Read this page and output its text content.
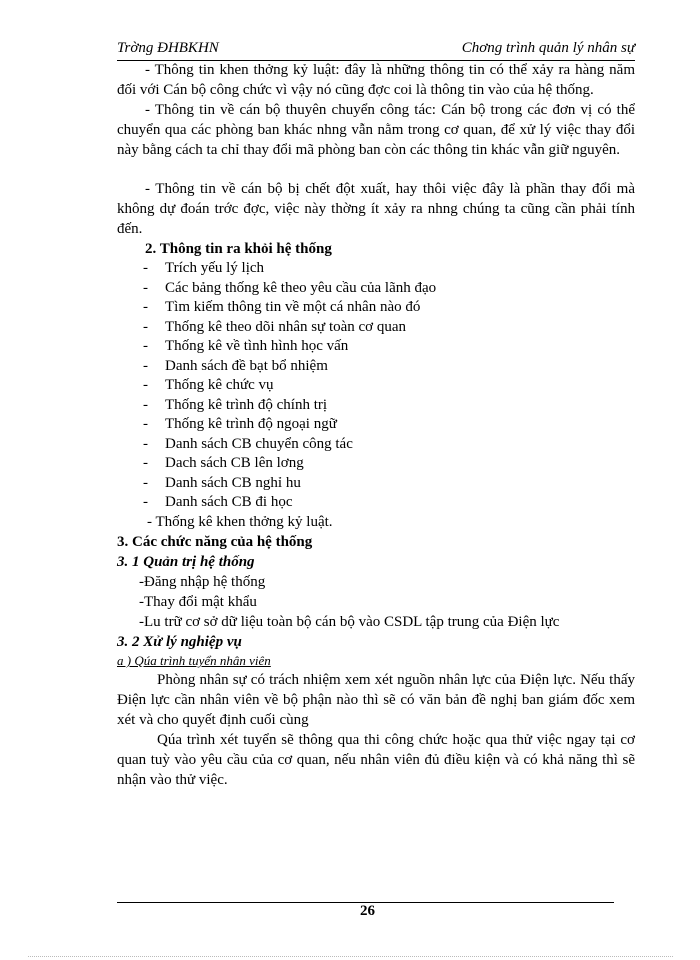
Trờng ĐHBKHN	Chơng trình quản lý nhân sự

- Thông tin khen thởng kỷ luật: đây là những thông tin có thể xảy ra hàng năm đối với Cán bộ công chức vì vậy nó cũng đợc coi là thông tin vào của hệ thống.

- Thông tin về cán bộ thuyên chuyển công tác: Cán bộ trong các đơn vị có thể chuyển qua các phòng ban khác nhng vẫn nằm trong cơ quan, để xử lý việc thay đổi này bằng cách ta chỉ thay đổi mã phòng ban còn các thông tin khác vẫn giữ nguyên.

- Thông tin về cán bộ bị chết đột xuất, hay thôi việc đây là phần thay đổi mà không dự đoán trớc đợc, việc này thờng ít xảy ra nhng chúng ta cũng cần phải tính đến.

2. Thông tin ra khỏi hệ thống

- Trích yếu lý lịch
- Các bảng thống kê theo yêu cầu của lãnh đạo
- Tìm kiếm thông tin về một cá nhân nào đó
- Thống kê theo dõi nhân sự toàn cơ quan
- Thống kê về tình hình học vấn
- Danh sách đề bạt bổ nhiệm
- Thống kê chức vụ
- Thống kê trình độ chính trị
- Thống kê trình độ ngoại ngữ
- Danh sách CB chuyển công tác
- Dach sách CB lên lơng
- Danh sách CB nghỉ hu
- Danh sách CB đi học

- Thống kê khen thởng kỷ luật.

3. Các chức năng của hệ thống

3. 1 Quản trị hệ thống

-Đăng nhập hệ thống

-Thay đổi mật khẩu

-Lu trữ cơ sở dữ liệu toàn bộ cán bộ vào CSDL tập trung của Điện lực

3. 2 Xử lý nghiệp vụ

a ) Qúa trình tuyển nhân viên

Phòng nhân sự có trách nhiệm xem xét nguồn nhân lực của Điện lực. Nếu thấy Điện lực cần nhân viên về bộ phận nào thì sẽ có văn bản đề nghị ban giám đốc xem xét và cho quyết định cuối cùng

Qúa trình xét tuyển sẽ thông qua thi công chức hoặc qua thử việc ngay tại cơ quan tuỳ vào yêu cầu của cơ quan, nếu nhân viên đủ điều kiện và có khả năng thì sẽ nhận vào thử việc.

26
